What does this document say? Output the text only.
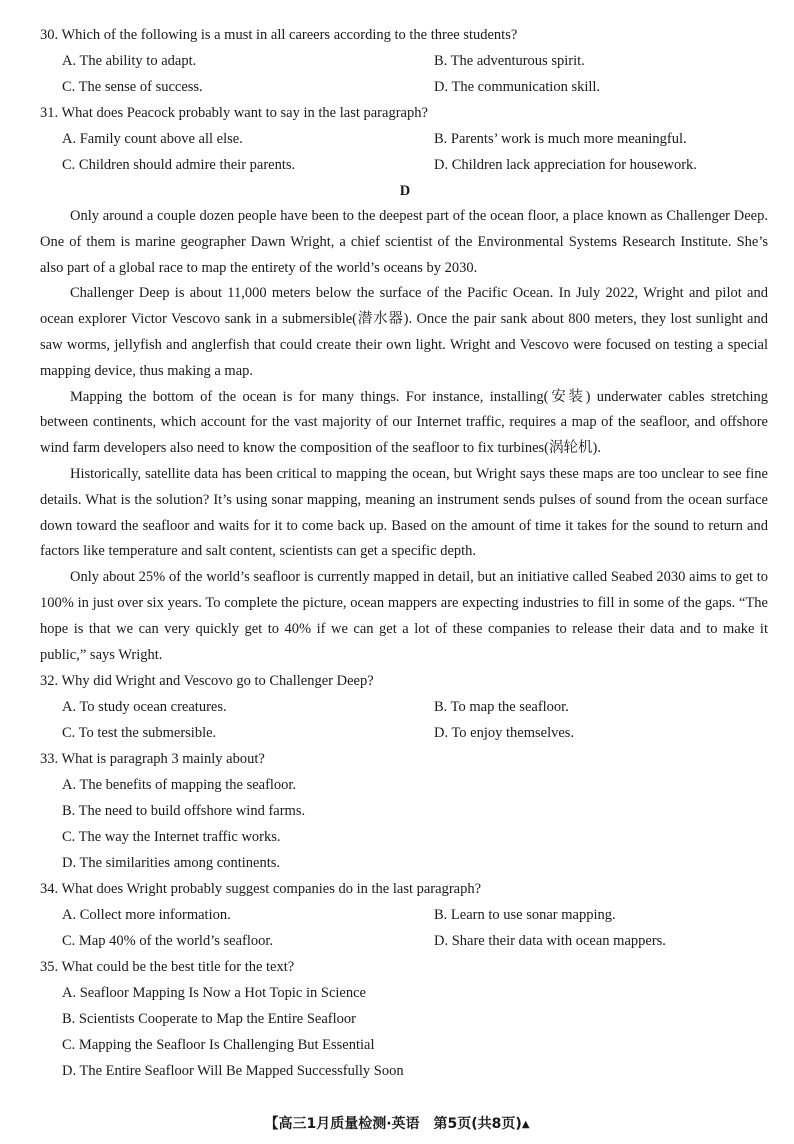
30. Which of the following is a must in all careers according to the three students?
A. The ability to adapt.	B. The adventurous spirit.
C. The sense of success.	D. The communication skill.
31. What does Peacock probably want to say in the last paragraph?
A. Family count above all else.	B. Parents’ work is much more meaningful.
C. Children should admire their parents.	D. Children lack appreciation for housework.
D

Only around a couple dozen people have been to the deepest part of the ocean floor, a place known as Challenger Deep. One of them is marine geographer Dawn Wright, a chief scientist of the Environmental Systems Research Institute. She’s also part of a global race to map the entirety of the world’s oceans by 2030.

Challenger Deep is about 11,000 meters below the surface of the Pacific Ocean. In July 2022, Wright and pilot and ocean explorer Victor Vescovo sank in a submersible(潜水器). Once the pair sank about 800 meters, they lost sunlight and saw worms, jellyfish and anglerfish that could create their own light. Wright and Vescovo were focused on testing a special mapping device, thus making a map.

Mapping the bottom of the ocean is for many things. For instance, installing(安装) underwater cables stretching between continents, which account for the vast majority of our Internet traffic, requires a map of the seafloor, and offshore wind farm developers also need to know the composition of the seafloor to fix turbines(涡轮机).

Historically, satellite data has been critical to mapping the ocean, but Wright says these maps are too unclear to see fine details. What is the solution? It’s using sonar mapping, meaning an instrument sends pulses of sound from the ocean surface down toward the seafloor and waits for it to come back up. Based on the amount of time it takes for the sound to return and factors like temperature and salt content, scientists can get a specific depth.

Only about 25% of the world’s seafloor is currently mapped in detail, but an initiative called Seabed 2030 aims to get to 100% in just over six years. To complete the picture, ocean mappers are expecting industries to fill in some of the gaps. “The hope is that we can very quickly get to 40% if we can get a lot of these companies to release their data and to make it public,” says Wright.

32. Why did Wright and Vescovo go to Challenger Deep?
A. To study ocean creatures.	B. To map the seafloor.
C. To test the submersible.	D. To enjoy themselves.
33. What is paragraph 3 mainly about?
A. The benefits of mapping the seafloor.
B. The need to build offshore wind farms.
C. The way the Internet traffic works.
D. The similarities among continents.
34. What does Wright probably suggest companies do in the last paragraph?
A. Collect more information.	B. Learn to use sonar mapping.
C. Map 40% of the world’s seafloor.	D. Share their data with ocean mappers.
35. What could be the best title for the text?
A. Seafloor Mapping Is Now a Hot Topic in Science
B. Scientists Cooperate to Map the Entire Seafloor
C. Mapping the Seafloor Is Challenging But Essential
D. The Entire Seafloor Will Be Mapped Successfully Soon
【高三1月质量检测·英语　第5页(共8页)▲
